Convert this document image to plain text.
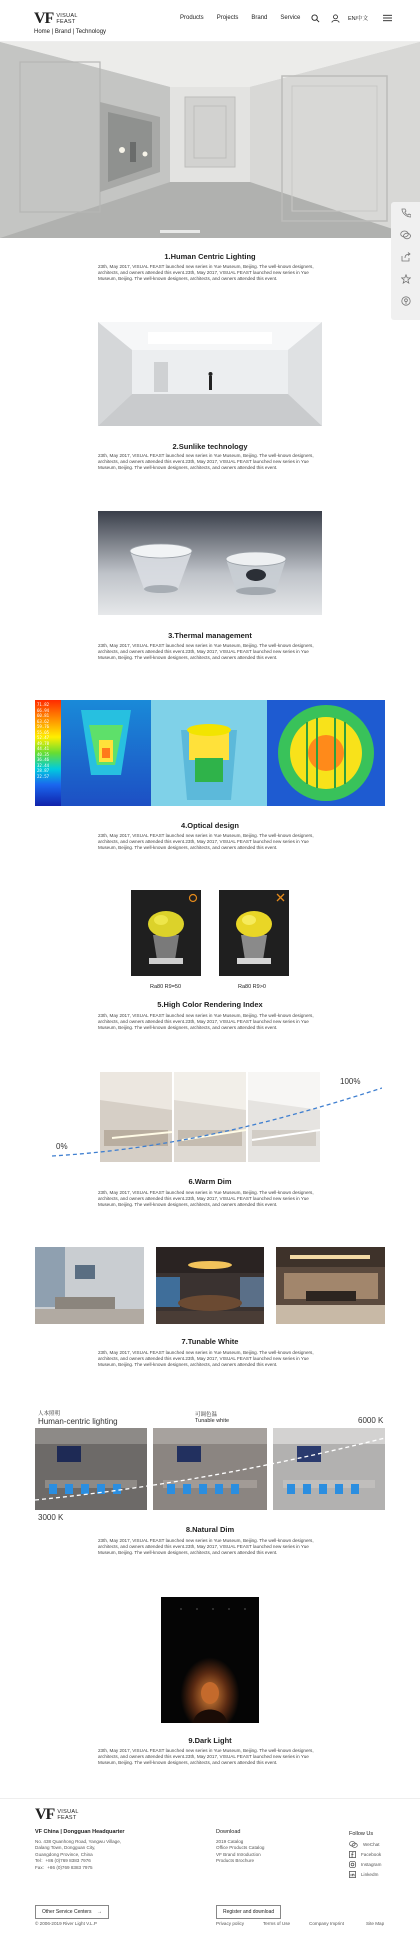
VF VISUAL
FEAST
Products Projects Brand Service	EN/中文
Home | Brand | Technology
1.Human Centric Lighting
23th, May 2017, VISUAL FEAST launched new series in Yue Museum, Beijing. The well-known designers, architects, and owners attended this event.23th, May 2017, VISUAL FEAST launched new series in Yue Museum, Beijing. The well-known designers, architects, and owners attended this event.
2.Sunlike technology
23th, May 2017, VISUAL FEAST launched new series in Yue Museum, Beijing. The well-known designers, architects, and owners attended this event.23th, May 2017, VISUAL FEAST launched new series in Yue Museum, Beijing. The well-known designers, architects, and owners attended this event.
3.Thermal management
23th, May 2017, VISUAL FEAST launched new series in Yue Museum, Beijing. The well-known designers, architects, and owners attended this event.23th, May 2017, VISUAL FEAST launched new series in Yue Museum, Beijing. The well-known designers, architects, and owners attended this event.
71.82
66.94
60.81
63.62
59.76
55.05
52.47
49.78
44.41
40.35
36.46
32.44
28.87
22.57
4.Optical design
23th, May 2017, VISUAL FEAST launched new series in Yue Museum, Beijing. The well-known designers, architects, and owners attended this event.23th, May 2017, VISUAL FEAST launched new series in Yue Museum, Beijing. The well-known designers, architects, and owners attended this event.
Ra80 R9=50	Ra80 R9>0
5.High Color Rendering Index
23th, May 2017, VISUAL FEAST launched new series in Yue Museum, Beijing. The well-known designers, architects, and owners attended this event.23th, May 2017, VISUAL FEAST launched new series in Yue Museum, Beijing. The well-known designers, architects, and owners attended this event.
0%
100%
6.Warm Dim
23th, May 2017, VISUAL FEAST launched new series in Yue Museum, Beijing. The well-known designers, architects, and owners attended this event.23th, May 2017, VISUAL FEAST launched new series in Yue Museum, Beijing. The well-known designers, architects, and owners attended this event.
7.Tunable White
23th, May 2017, VISUAL FEAST launched new series in Yue Museum, Beijing. The well-known designers, architects, and owners attended this event.23th, May 2017, VISUAL FEAST launched new series in Yue Museum, Beijing. The well-known designers, architects, and owners attended this event.
人本照明
Human-centric lighting
可调色温
Tunable white	6000 K
3000 K
8.Natural Dim
23th, May 2017, VISUAL FEAST launched new series in Yue Museum, Beijing. The well-known designers, architects, and owners attended this event.23th, May 2017, VISUAL FEAST launched new series in Yue Museum, Beijing. The well-known designers, architects, and owners attended this event.
9.Dark Light
23th, May 2017, VISUAL FEAST launched new series in Yue Museum, Beijing. The well-known designers, architects, and owners attended this event.23th, May 2017, VISUAL FEAST launched new series in Yue Museum, Beijing. The well-known designers, architects, and owners attended this event.
VF VISUAL
FEAST
VF China | Dongguan Headquarter
No. 438 Quanhong Road, Yangwu Village,
Dalang Town, Dongguan City,
Guangdong Province, China
Tel：+86 (0)769 8383 7976
Fax：+86 (0)769 8383 7975
Other Service Centers →
Download
2019 Catalog
Office Products Catalog
VF Brand Introduction
Products Brochure
Register and download
Follow Us
WeChat
Facebook
Instagram
LinkedIn
© 2006-2019 River Light V.L.P	Privacy policy	Terms of Use	Company Imprint	Site Map
